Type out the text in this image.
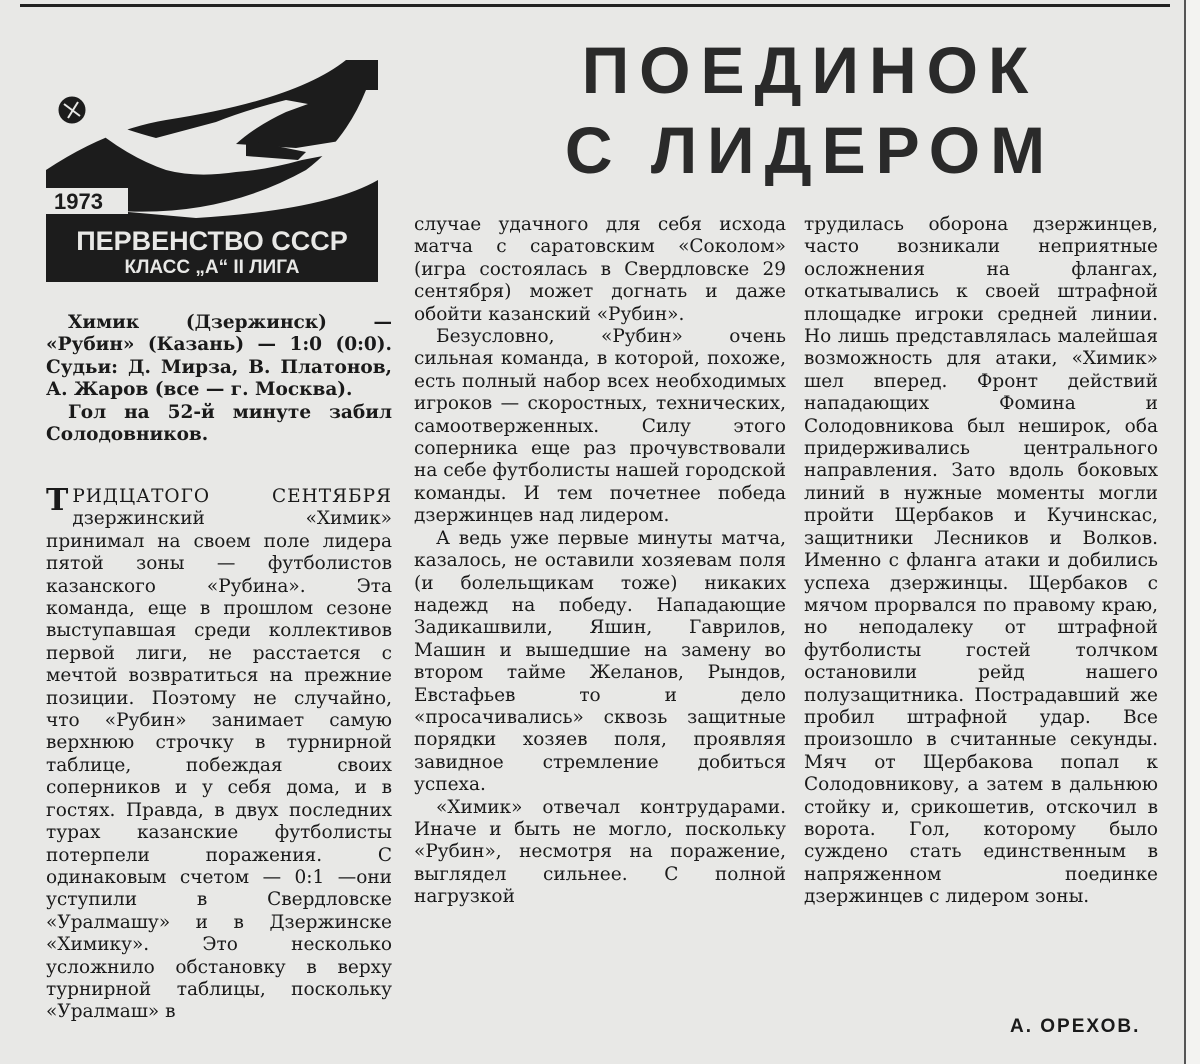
1973
ПЕРВЕНСТВО СССР
КЛАСС „А“ II ЛИГА
ПОЕДИНОК
С ЛИДЕРОМ

Химик (Дзержинск) — «Рубин» (Казань) — 1:0 (0:0). Судьи: Д. Мирза, В. Платонов, А. Жаров (все — г. Москва).

Гол на 52-й минуте забил Солодовников.

ТРИДЦАТОГО СЕНТЯБРЯ дзержинский «Химик» принимал на своем поле лидера пятой зоны — футболистов казанского «Рубина». Эта команда, еще в прошлом сезоне выступавшая среди коллективов первой лиги, не расстается с мечтой возвратиться на прежние позиции. Поэтому не случайно, что «Рубин» занимает самую верхнюю строчку в турнирной таблице, побеждая своих соперников и у себя дома, и в гостях. Правда, в двух последних турах казанские футболисты потерпели поражения. С одинаковым счетом — 0:1 —они уступили в Свердловске «Уралмашу» и в Дзержинске «Химику». Это несколько усложнило обстановку в верху турнирной таблицы, поскольку «Уралмаш» в

случае удачного для себя исхода матча с саратовским «Соколом» (игра состоялась в Свердловске 29 сентября) может догнать и даже обойти казанский «Рубин».

Безусловно, «Рубин» очень сильная команда, в которой, похоже, есть полный набор всех необходимых игроков — скоростных, технических, самоотверженных. Силу этого соперника еще раз прочувствовали на себе футболисты нашей городской команды. И тем почетнее победа дзержинцев над лидером.

А ведь уже первые минуты матча, казалось, не оставили хозяевам поля (и болельщикам тоже) никаких надежд на победу. Нападающие Задикашвили, Яшин, Гаврилов, Машин и вышедшие на замену во втором тайме Желанов, Рындов, Евстафьев то и дело «просачивались» сквозь защитные порядки хозяев поля, проявляя завидное стремление добиться успеха.

«Химик» отвечал контрударами. Иначе и быть не могло, поскольку «Рубин», несмотря на поражение, выглядел сильнее. С полной нагрузкой

трудилась оборона дзержинцев, часто возникали неприятные осложнения на флангах, откатывались к своей штрафной площадке игроки средней линии. Но лишь представлялась малейшая возможность для атаки, «Химик» шел вперед. Фронт действий нападающих Фомина и Солодовникова был неширок, оба придерживались центрального направления. Зато вдоль боковых линий в нужные моменты могли пройти Щербаков и Кучинскас, защитники Лесников и Волков. Именно с фланга атаки и добились успеха дзержинцы. Щербаков с мячом прорвался по правому краю, но неподалеку от штрафной футболисты гостей толчком остановили рейд нашего полузащитника. Пострадавший же пробил штрафной удар. Все произошло в считанные секунды. Мяч от Щербакова попал к Солодовникову, а затем в дальнюю стойку и, срикошетив, отскочил в ворота. Гол, которому было суждено стать единственным в напряженном поединке дзержинцев с лидером зоны.

А. ОРЕХОВ.
